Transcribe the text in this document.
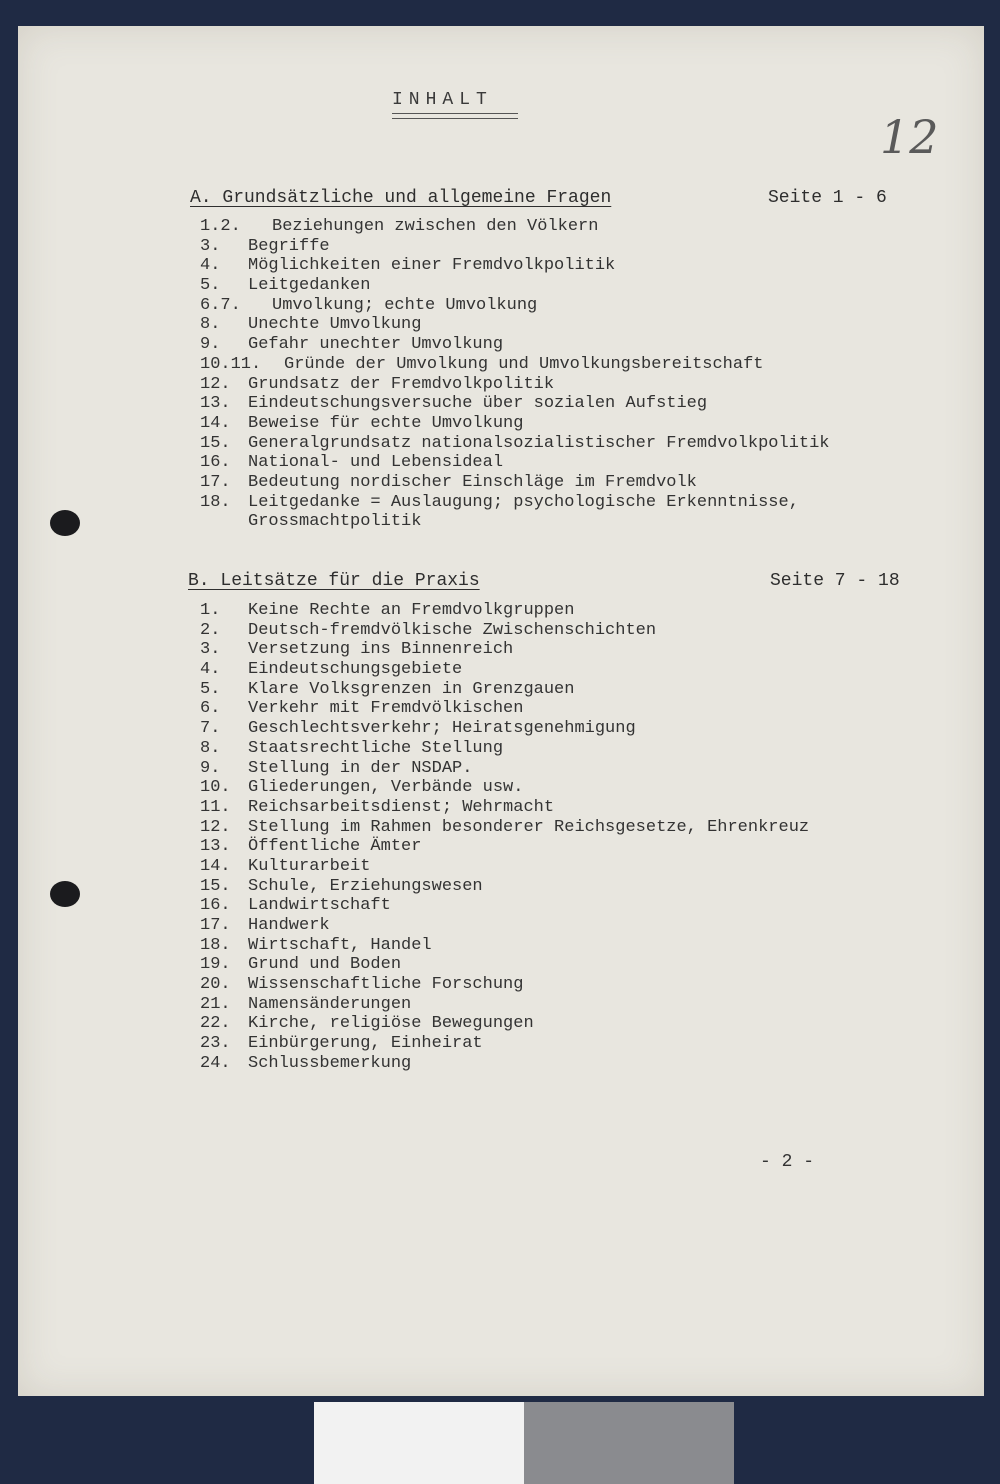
INHALT
12
A. Grundsätzliche und allgemeine Fragen	Seite 1 - 6
1.2. Beziehungen zwischen den Völkern
3. Begriffe
4. Möglichkeiten einer Fremdvolkpolitik
5. Leitgedanken
6.7. Umvolkung; echte Umvolkung
8. Unechte Umvolkung
9. Gefahr unechter Umvolkung
10.11. Gründe der Umvolkung und Umvolkungsbereitschaft
12. Grundsatz der Fremdvolkpolitik
13. Eindeutschungsversuche über sozialen Aufstieg
14. Beweise für echte Umvolkung
15. Generalgrundsatz nationalsozialistischer Fremdvolkpolitik
16. National- und Lebensideal
17. Bedeutung nordischer Einschläge im Fremdvolk
18. Leitgedanke = Auslaugung; psychologische Erkenntnisse,
Grossmachtpolitik
B. Leitsätze für die Praxis	Seite 7 - 18
1. Keine Rechte an Fremdvolkgruppen
2. Deutsch-fremdvölkische Zwischenschichten
3. Versetzung ins Binnenreich
4. Eindeutschungsgebiete
5. Klare Volksgrenzen in Grenzgauen
6. Verkehr mit Fremdvölkischen
7. Geschlechtsverkehr; Heiratsgenehmigung
8. Staatsrechtliche Stellung
9. Stellung in der NSDAP.
10. Gliederungen, Verbände usw.
11. Reichsarbeitsdienst; Wehrmacht
12. Stellung im Rahmen besonderer Reichsgesetze, Ehrenkreuz
13. Öffentliche Ämter
14. Kulturarbeit
15. Schule, Erziehungswesen
16. Landwirtschaft
17. Handwerk
18. Wirtschaft, Handel
19. Grund und Boden
20. Wissenschaftliche Forschung
21. Namensänderungen
22. Kirche, religiöse Bewegungen
23. Einbürgerung, Einheirat
24. Schlussbemerkung
- 2 -
